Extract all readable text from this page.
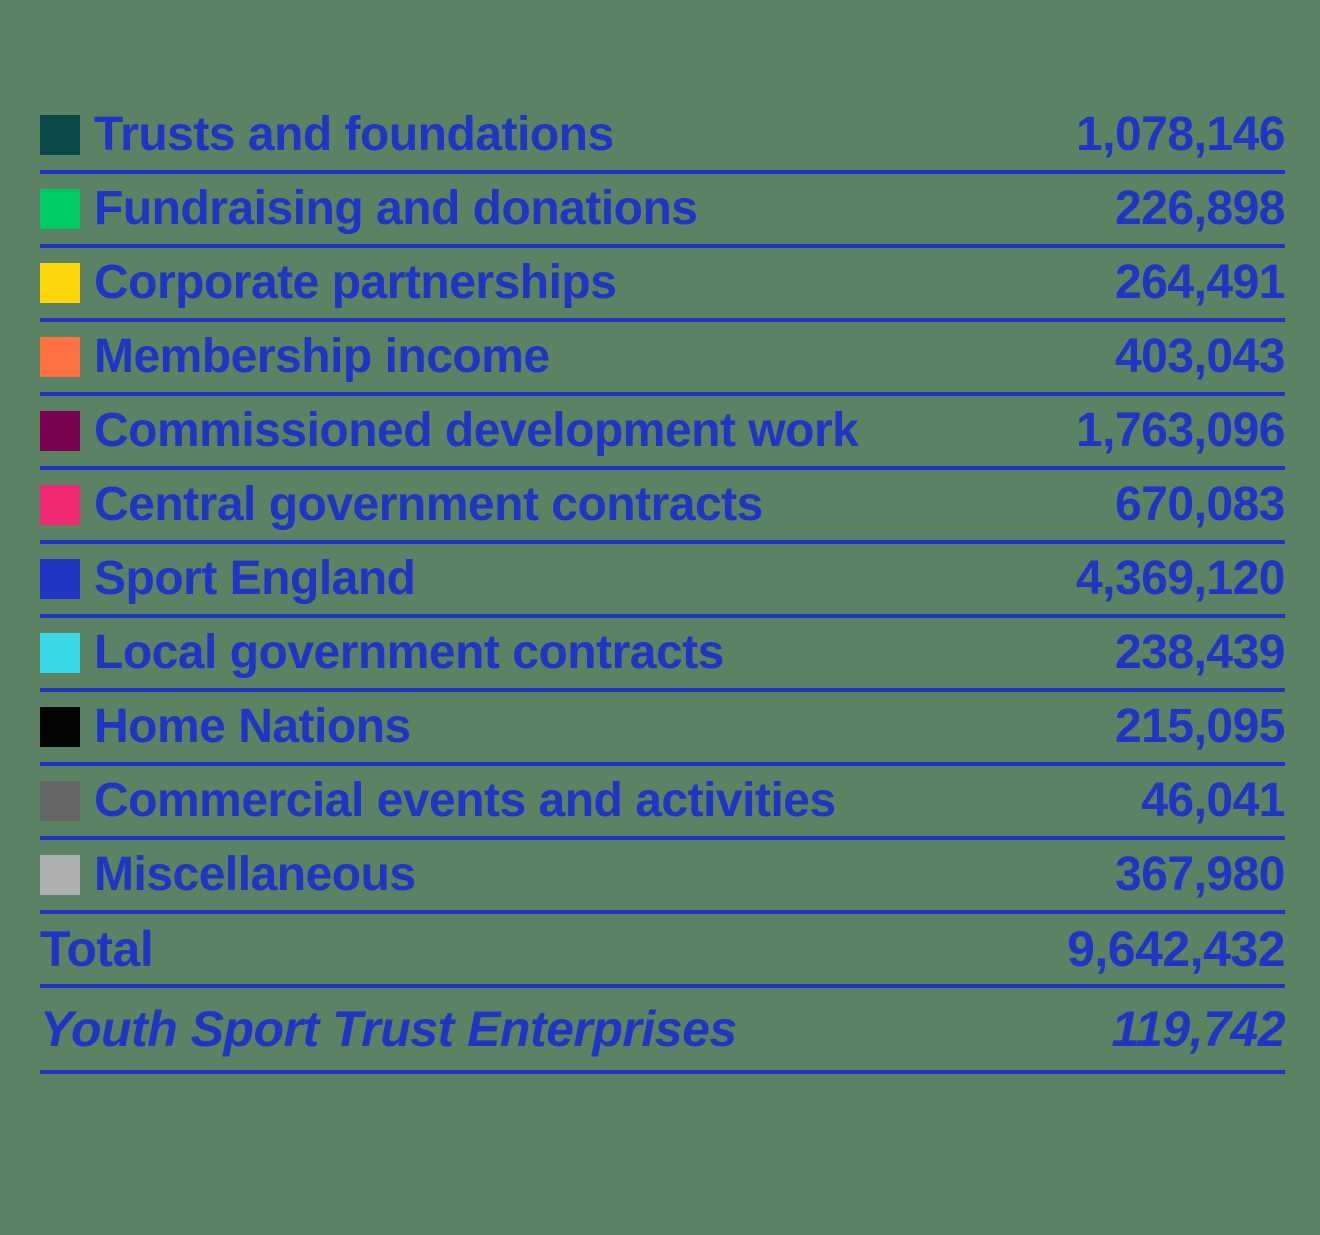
Trusts and foundations	1,078,146
Fundraising and donations	226,898
Corporate partnerships	264,491
Membership income	403,043
Commissioned development work	1,763,096
Central government contracts	670,083
Sport England	4,369,120
Local government contracts	238,439
Home Nations	215,095
Commercial events and activities	46,041
Miscellaneous	367,980
Total	9,642,432
Youth Sport Trust Enterprises	119,742
